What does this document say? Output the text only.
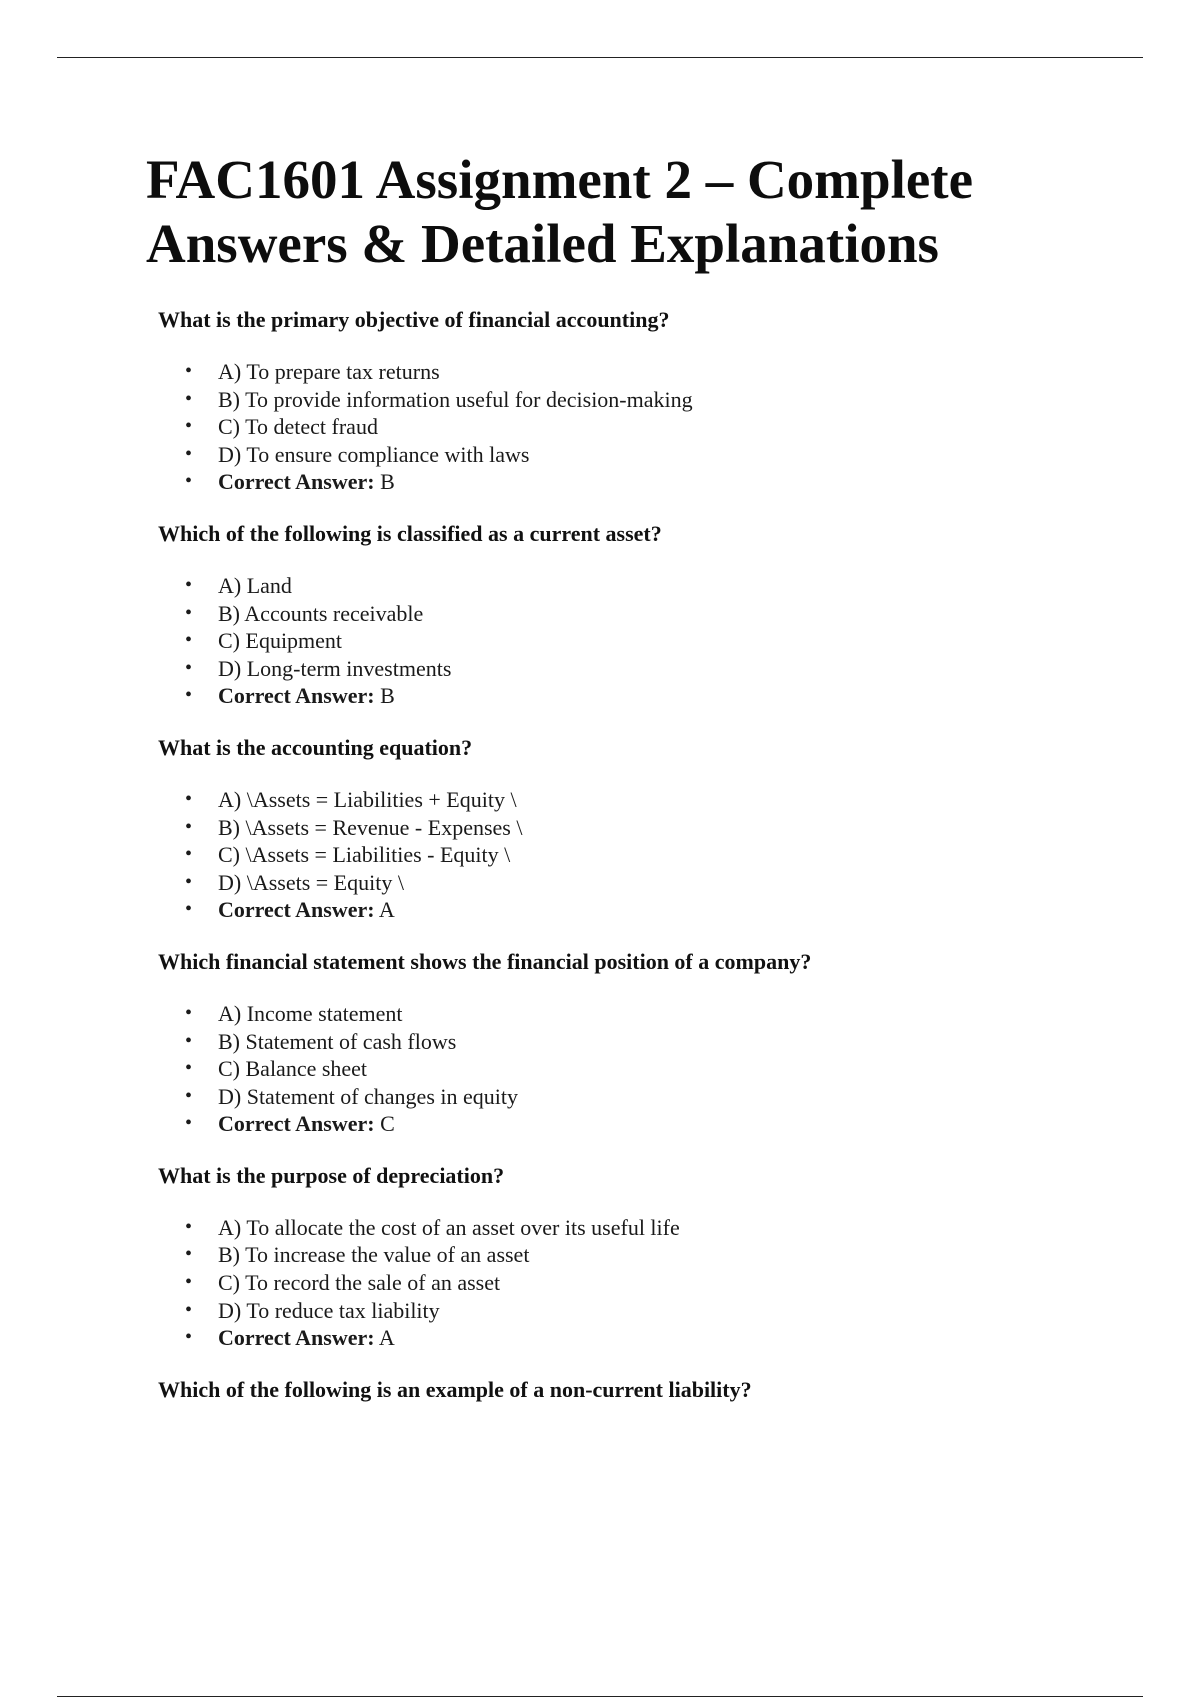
FAC1601 Assignment 2 – Complete Answers & Detailed Explanations

What is the primary objective of financial accounting?

• A) To prepare tax returns
• B) To provide information useful for decision-making
• C) To detect fraud
• D) To ensure compliance with laws
• Correct Answer: B

Which of the following is classified as a current asset?

• A) Land
• B) Accounts receivable
• C) Equipment
• D) Long-term investments
• Correct Answer: B

What is the accounting equation?

• A) \Assets = Liabilities + Equity \
• B) \Assets = Revenue - Expenses \
• C) \Assets = Liabilities - Equity \
• D) \Assets = Equity \
• Correct Answer: A

Which financial statement shows the financial position of a company?

• A) Income statement
• B) Statement of cash flows
• C) Balance sheet
• D) Statement of changes in equity
• Correct Answer: C

What is the purpose of depreciation?

• A) To allocate the cost of an asset over its useful life
• B) To increase the value of an asset
• C) To record the sale of an asset
• D) To reduce tax liability
• Correct Answer: A

Which of the following is an example of a non-current liability?
